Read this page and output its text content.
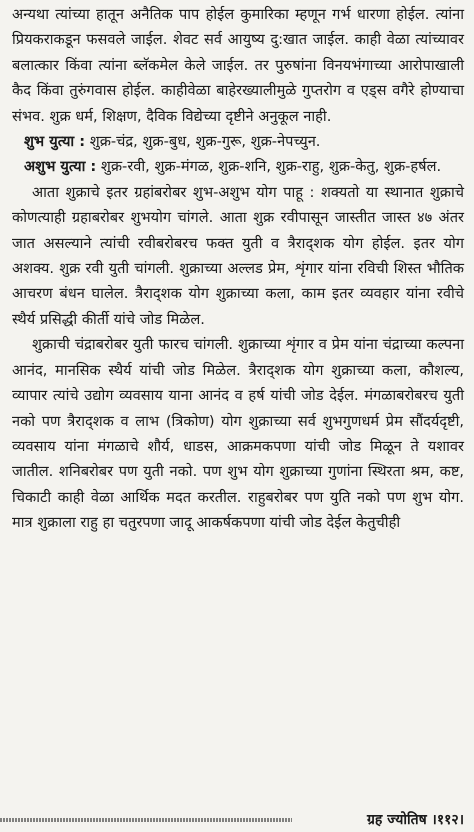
अन्यथा त्यांच्या हातून अनैतिक पाप होईल कुमारिका म्हणून गर्भ धारणा होईल. त्यांना प्रियकराकडून फसवले जाईल. शेवट सर्व आयुष्य दु:खात जाईल. काही वेळा त्यांच्यावर बलात्कार किंवा त्यांना ब्लॅकमेल केले जाईल. तर पुरुषांना विनयभंगाच्या आरोपाखाली कैद किंवा तुरुंगवास होईल. काहीवेळा बाहेरख्यालीमुळे गुप्तरोग व एड्स वगैरे होण्याचा संभव. शुक्र धर्म, शिक्षण, दैविक विद्येच्या दृष्टीने अनुकूल नाही.

शुभ युत्या : शुक्र-चंद्र, शुक्र-बुध, शुक्र-गुरू, शुक्र-नेपच्युन.

अशुभ युत्या : शुक्र-रवी, शुक्र-मंगळ, शुक्र-शनि, शुक्र-राहु, शुक्र-केतु, शुक्र-हर्षल.

आता शुक्राचे इतर ग्रहांबरोबर शुभ-अशुभ योग पाहू : शक्यतो या स्थानात शुक्राचे कोणत्याही ग्रहाबरोबर शुभयोग चांगले. आता शुक्र रवीपासून जास्तीत जास्त ४७ अंतर जात असल्याने त्यांची रवीबरोबरच फक्त युती व त्रैराद्शक योग होईल. इतर योग अशक्य. शुक्र रवी युती चांगली. शुक्राच्या अल्लड प्रेम, शृंगार यांना रविची शिस्त भौतिक आचरण बंधन घालेल. त्रैराद्शक योग शुक्राच्या कला, काम इतर व्यवहार यांना रवीचे स्थैर्य प्रसिद्धी कीर्ती यांचे जोड मिळेल.

शुक्राची चंद्राबरोबर युती फारच चांगली. शुक्राच्या शृंगार व प्रेम यांना चंद्राच्या कल्पना आनंद, मानसिक स्थैर्य यांची जोड मिळेल. त्रैराद्शक योग शुक्राच्या कला, कौशल्य, व्यापार त्यांचे उद्योग व्यवसाय याना आनंद व हर्ष यांची जोड देईल. मंगळाबरोबरच युती नको पण त्रैराद्शक व लाभ (त्रिकोण) योग शुक्राच्या सर्व शुभगुणधर्म प्रेम सौंदर्यदृष्टी, व्यवसाय यांना मंगळाचे शौर्य, धाडस, आक्रमकपणा यांची जोड मिळून ते यशावर जातील. शनिबरोबर पण युती नको. पण शुभ योग शुक्राच्या गुणांना स्थिरता श्रम, कष्ट, चिकाटी काही वेळा आर्थिक मदत करतील. राहुबरोबर पण युति नको पण शुभ योग. मात्र शुक्राला राहु हा चतुरपणा जादू आकर्षकपणा यांची जोड देईल केतुचीही

ग्रह ज्योतिष ।११२।
